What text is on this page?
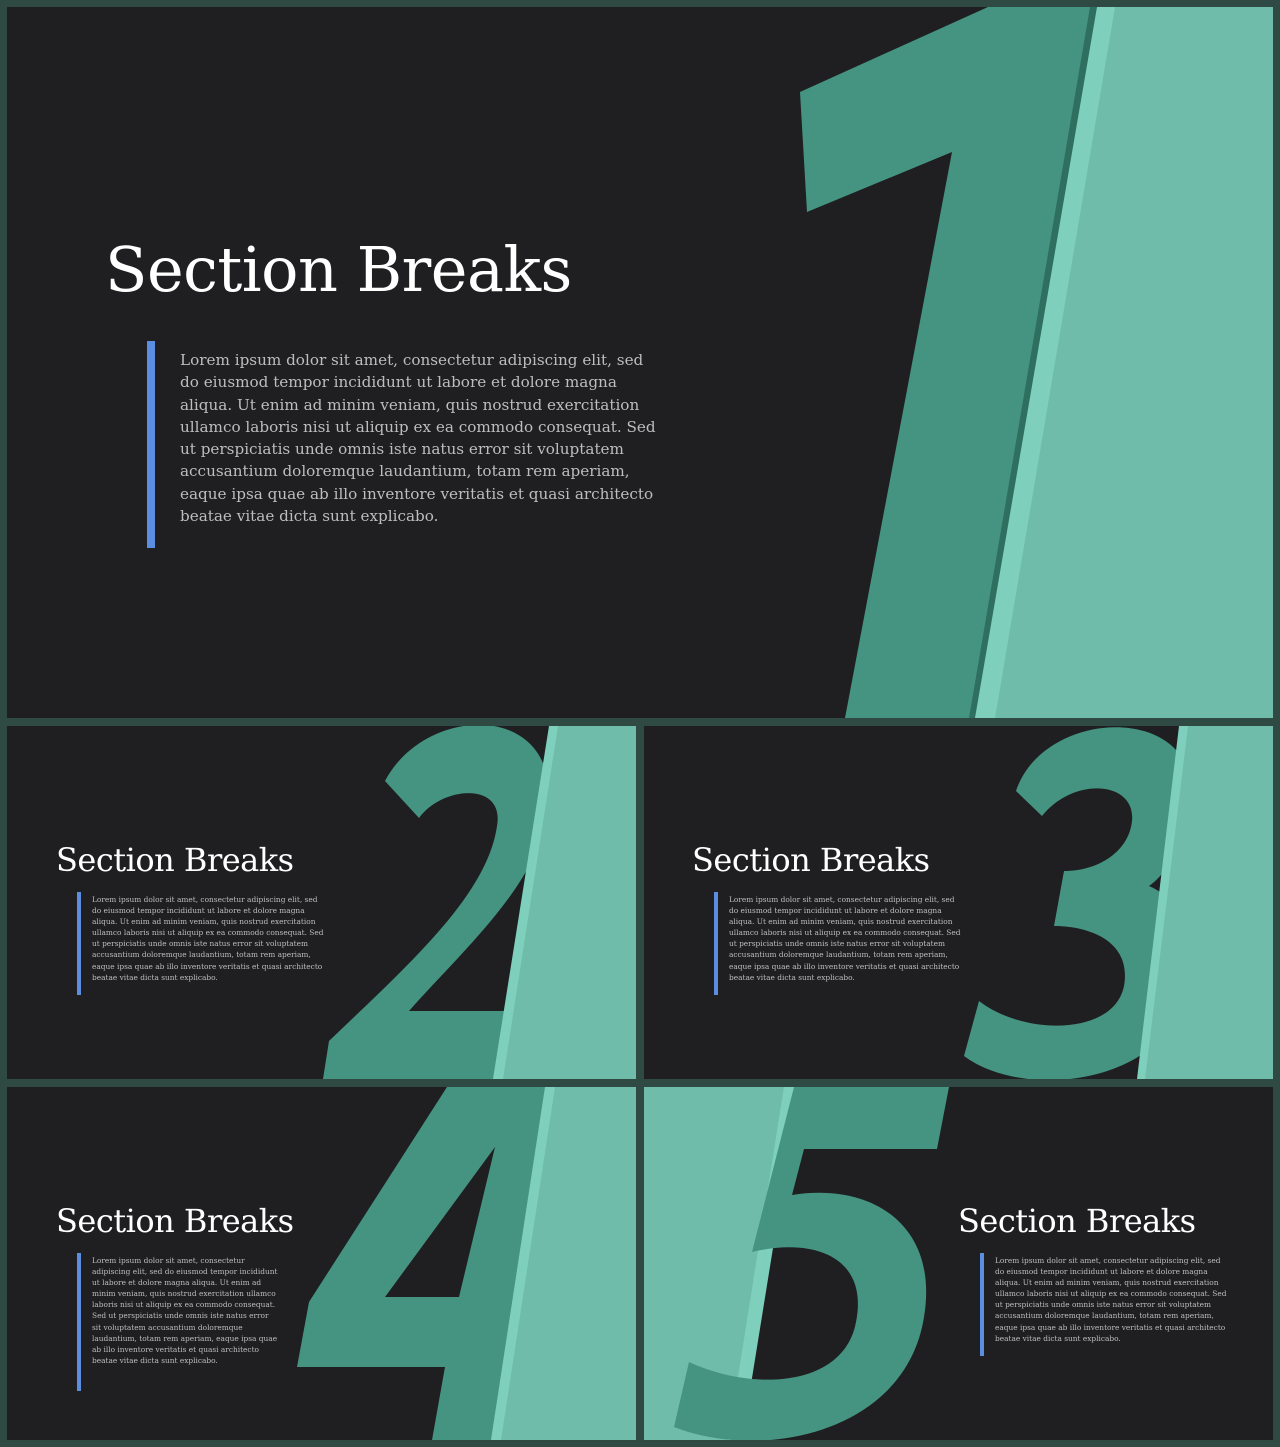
Section Breaks

Lorem ipsum dolor sit amet, consectetur adipiscing elit, sed do eiusmod tempor incididunt ut labore et dolore magna aliqua. Ut enim ad minim veniam, quis nostrud exercitation ullamco laboris nisi ut aliquip ex ea commodo consequat. Sed ut perspiciatis unde omnis iste natus error sit voluptatem accusantium doloremque laudantium, totam rem aperiam, eaque ipsa quae ab illo inventore veritatis et quasi architecto beatae vitae dicta sunt explicabo.

Section Breaks

Lorem ipsum dolor sit amet, consectetur adipiscing elit, sed do eiusmod tempor incididunt ut labore et dolore magna aliqua. Ut enim ad minim veniam, quis nostrud exercitation ullamco laboris nisi ut aliquip ex ea commodo consequat. Sed ut perspiciatis unde omnis iste natus error sit voluptatem accusantium doloremque laudantium, totam rem aperiam, eaque ipsa quae ab illo inventore veritatis et quasi architecto beatae vitae dicta sunt explicabo.

Section Breaks

Lorem ipsum dolor sit amet, consectetur adipiscing elit, sed do eiusmod tempor incididunt ut labore et dolore magna aliqua. Ut enim ad minim veniam, quis nostrud exercitation ullamco laboris nisi ut aliquip ex ea commodo consequat. Sed ut perspiciatis unde omnis iste natus error sit voluptatem accusantium doloremque laudantium, totam rem aperiam, eaque ipsa quae ab illo inventore veritatis et quasi architecto beatae vitae dicta sunt explicabo.

Section Breaks

Lorem ipsum dolor sit amet, consectetur adipiscing elit, sed do eiusmod tempor incididunt ut labore et dolore magna aliqua. Ut enim ad minim veniam, quis nostrud exercitation ullamco laboris nisi ut aliquip ex ea commodo consequat. Sed ut perspiciatis unde omnis iste natus error sit voluptatem accusantium doloremque laudantium, totam rem aperiam, eaque ipsa quae ab illo inventore veritatis et quasi architecto beatae vitae dicta sunt explicabo.

Section Breaks

Lorem ipsum dolor sit amet, consectetur adipiscing elit, sed do eiusmod tempor incididunt ut labore et dolore magna aliqua. Ut enim ad minim veniam, quis nostrud exercitation ullamco laboris nisi ut aliquip ex ea commodo consequat. Sed ut perspiciatis unde omnis iste natus error sit voluptatem accusantium doloremque laudantium, totam rem aperiam, eaque ipsa quae ab illo inventore veritatis et quasi architecto beatae vitae dicta sunt explicabo.
